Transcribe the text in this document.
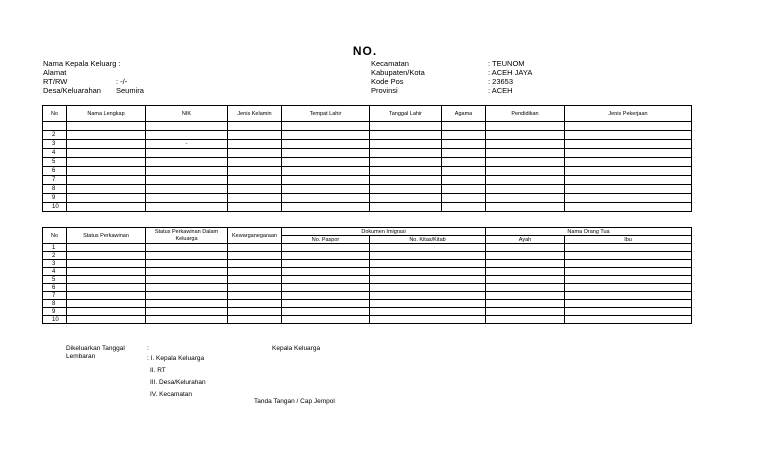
NO.
Nama Kepala Keluarg :
Alamat
RT/RW	: -/-
Desa/Keluarahan	Seumira
Kecamatan	: TEUNOM
Kabupaten/Kota	: ACEH JAYA
Kode Pos	: 23653
Provinsi	: ACEH
No	Nama Lengkap	NIK	Jenis Kelamin	Tempat Lahir	Tanggal Lahir	Agama	Pendidikan	Jenis Pekerjaan

2								
3		-						
4								
5								
6								
7								
8								
9								
10								
No	Status Perkawinan	Status Perkawinan Dalam Keluarga	Kewarganegaraan	Dokumen Imigrasi		Nama Orang Tua	
				No. Paspor	No. Kitas/Kitab	Ayah	Ibu
1							
2							
3							
4							
5							
6							
7							
8							
9							
10							
Dikeluarkan Tanggal	:
Lembaran	: I. Kepala Keluarga
II. RT
III. Desa/Kelurahan
IV. Kecamatan
Kepala Keluarga
Tanda Tangan / Cap Jempol
